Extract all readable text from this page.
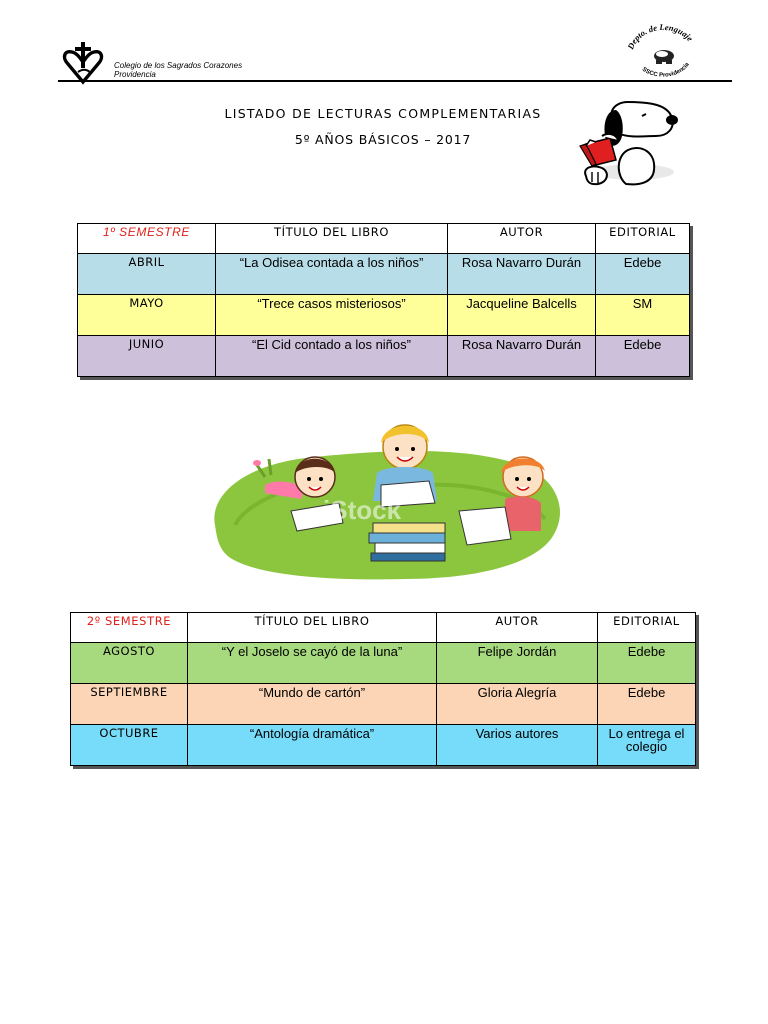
Colegio de los Sagrados Corazones
Providencia
Depto. de Lenguaje
SSCC Providencia
LISTADO DE LECTURAS COMPLEMENTARIAS
5º AÑOS BÁSICOS – 2017
1º SEMESTRE	TÍTULO DEL LIBRO	AUTOR	EDITORIAL
ABRIL	“La Odisea contada a los niños”	Rosa Navarro Durán	Edebe
MAYO	“Trece casos misteriosos”	Jacqueline Balcells	SM
JUNIO	“El Cid contado a los niños”	Rosa Navarro Durán	Edebe
iStock
2º SEMESTRE	TÍTULO DEL LIBRO	AUTOR	EDITORIAL
AGOSTO	“Y el Joselo se cayó de la luna”	Felipe Jordán	Edebe
SEPTIEMBRE	“Mundo de cartón”	Gloria Alegría	Edebe
OCTUBRE	“Antología dramática”	Varios autores	Lo entrega el colegio
